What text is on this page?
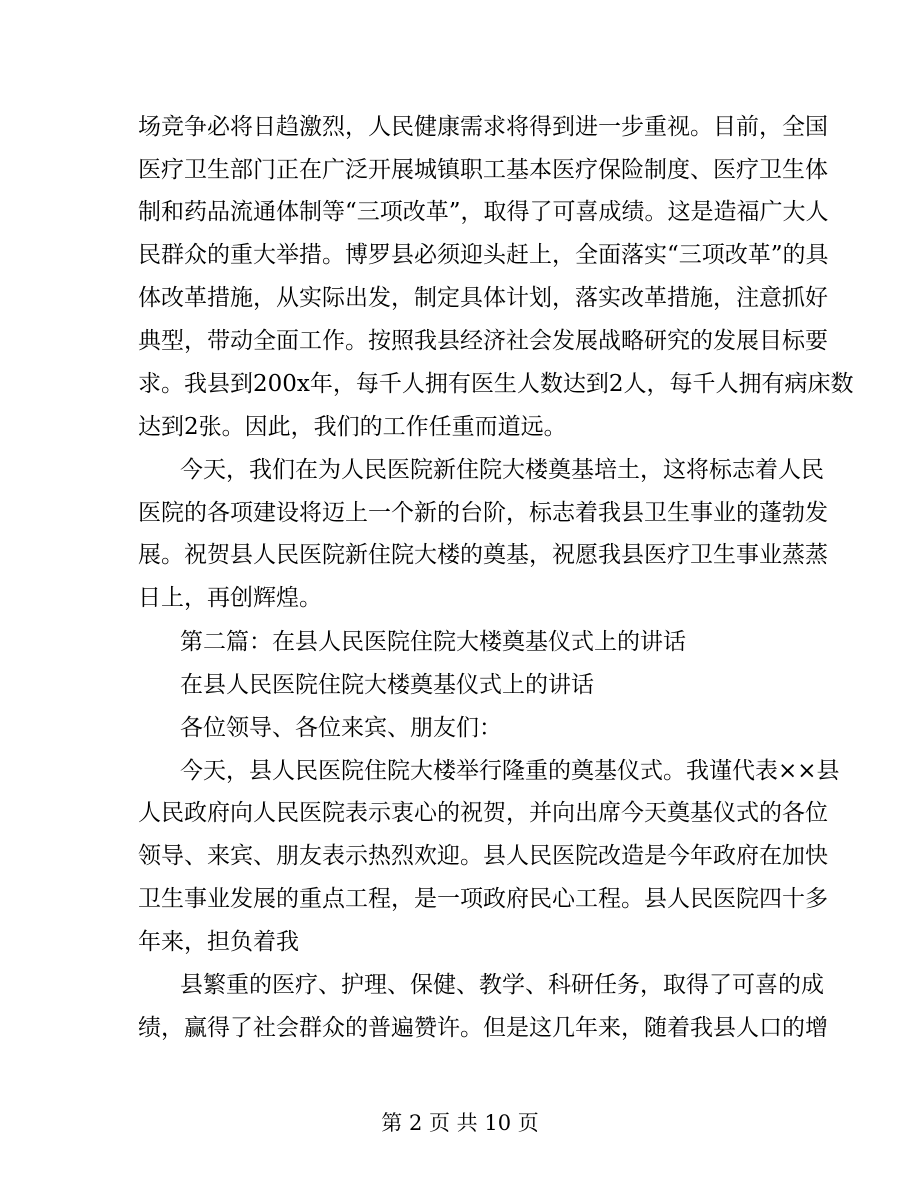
场竞争必将日趋激烈，人民健康需求将得到进一步重视。目前，全国
医疗卫生部门正在广泛开展城镇职工基本医疗保险制度、医疗卫生体
制和药品流通体制等“三项改革”，取得了可喜成绩。这是造福广大人
民群众的重大举措。博罗县必须迎头赶上，全面落实“三项改革”的具
体改革措施，从实际出发，制定具体计划，落实改革措施，注意抓好
典型，带动全面工作。按照我县经济社会发展战略研究的发展目标要
求。我县到200x年，每千人拥有医生人数达到2人，每千人拥有病床数
达到2张。因此，我们的工作任重而道远。
今天，我们在为人民医院新住院大楼奠基培土，这将标志着人民
医院的各项建设将迈上一个新的台阶，标志着我县卫生事业的蓬勃发
展。祝贺县人民医院新住院大楼的奠基，祝愿我县医疗卫生事业蒸蒸
日上，再创辉煌。
第二篇：在县人民医院住院大楼奠基仪式上的讲话
在县人民医院住院大楼奠基仪式上的讲话
各位领导、各位来宾、朋友们：
今天，县人民医院住院大楼举行隆重的奠基仪式。我谨代表××县
人民政府向人民医院表示衷心的祝贺，并向出席今天奠基仪式的各位
领导、来宾、朋友表示热烈欢迎。县人民医院改造是今年政府在加快
卫生事业发展的重点工程，是一项政府民心工程。县人民医院四十多
年来，担负着我
县繁重的医疗、护理、保健、教学、科研任务，取得了可喜的成
绩，赢得了社会群众的普遍赞许。但是这几年来，随着我县人口的增
第 2 页 共 10 页
